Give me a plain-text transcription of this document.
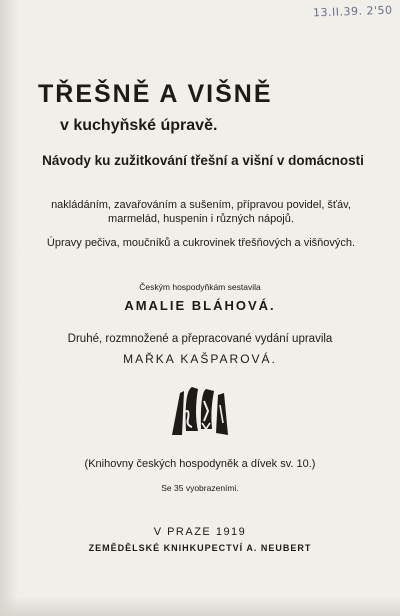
13.II.39. 2'50
TŘEŠNĚ A VIŠNĚ
v kuchyňské úpravě.
Návody ku zužitkování třešní a višní v domácnosti
nakládáním, zavařováním a sušením, přípravou povidel, šťáv, marmelád, huspenin i různých nápojů.
Úpravy pečiva, moučníků a cukrovinek třešňových a višňových.
Českým hospodyňkám sestavila
AMALIE BLÁHOVÁ.
Druhé, rozmnožené a přepracované vydání upravila
MAŘKA KAŠPAROVÁ.
(Knihovny českých hospodyněk a dívek sv. 10.)
Se 35 vyobrazeními.
V PRAZE 1919
ZEMĚDĚLSKÉ KNIHKUPECTVÍ A. NEUBERT
